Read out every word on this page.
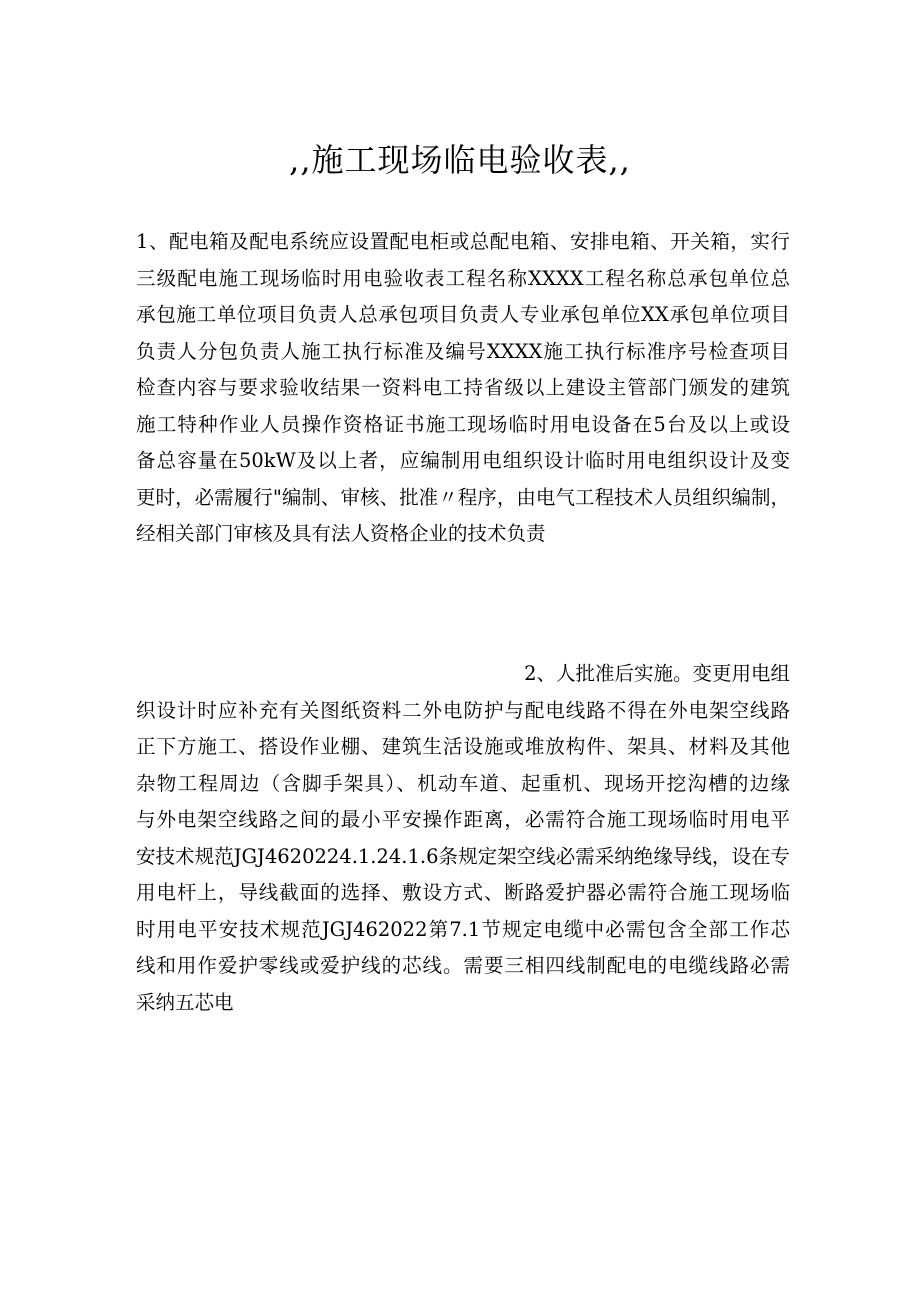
,,施工现场临电验收表,,
1、配电箱及配电系统应设置配电柜或总配电箱、安排电箱、开关箱，实行
三级配电施工现场临时用电验收表工程名称XXXX工程名称总承包单位总
承包施工单位项目负责人总承包项目负责人专业承包单位XX承包单位项目
负责人分包负责人施工执行标准及编号XXXX施工执行标准序号检查项目
检查内容与要求验收结果一资料电工持省级以上建设主管部门颁发的建筑
施工特种作业人员操作资格证书施工现场临时用电设备在5台及以上或设
备总容量在50kW及以上者，应编制用电组织设计临时用电组织设计及变
更时，必需履行"编制、审核、批准〃程序，由电气工程技术人员组织编制，
经相关部门审核及具有法人资格企业的技术负责
2、人批准后实施。变更用电组
织设计时应补充有关图纸资料二外电防护与配电线路不得在外电架空线路
正下方施工、搭设作业棚、建筑生活设施或堆放构件、架具、材料及其他
杂物工程周边（含脚手架具）、机动车道、起重机、现场开挖沟槽的边缘
与外电架空线路之间的最小平安操作距离，必需符合施工现场临时用电平
安技术规范JGJ4620224.1.24.1.6条规定架空线必需采纳绝缘导线，设在专
用电杆上，导线截面的选择、敷设方式、断路爱护器必需符合施工现场临
时用电平安技术规范JGJ462022第7.1节规定电缆中必需包含全部工作芯
线和用作爱护零线或爱护线的芯线。需要三相四线制配电的电缆线路必需
采纳五芯电
